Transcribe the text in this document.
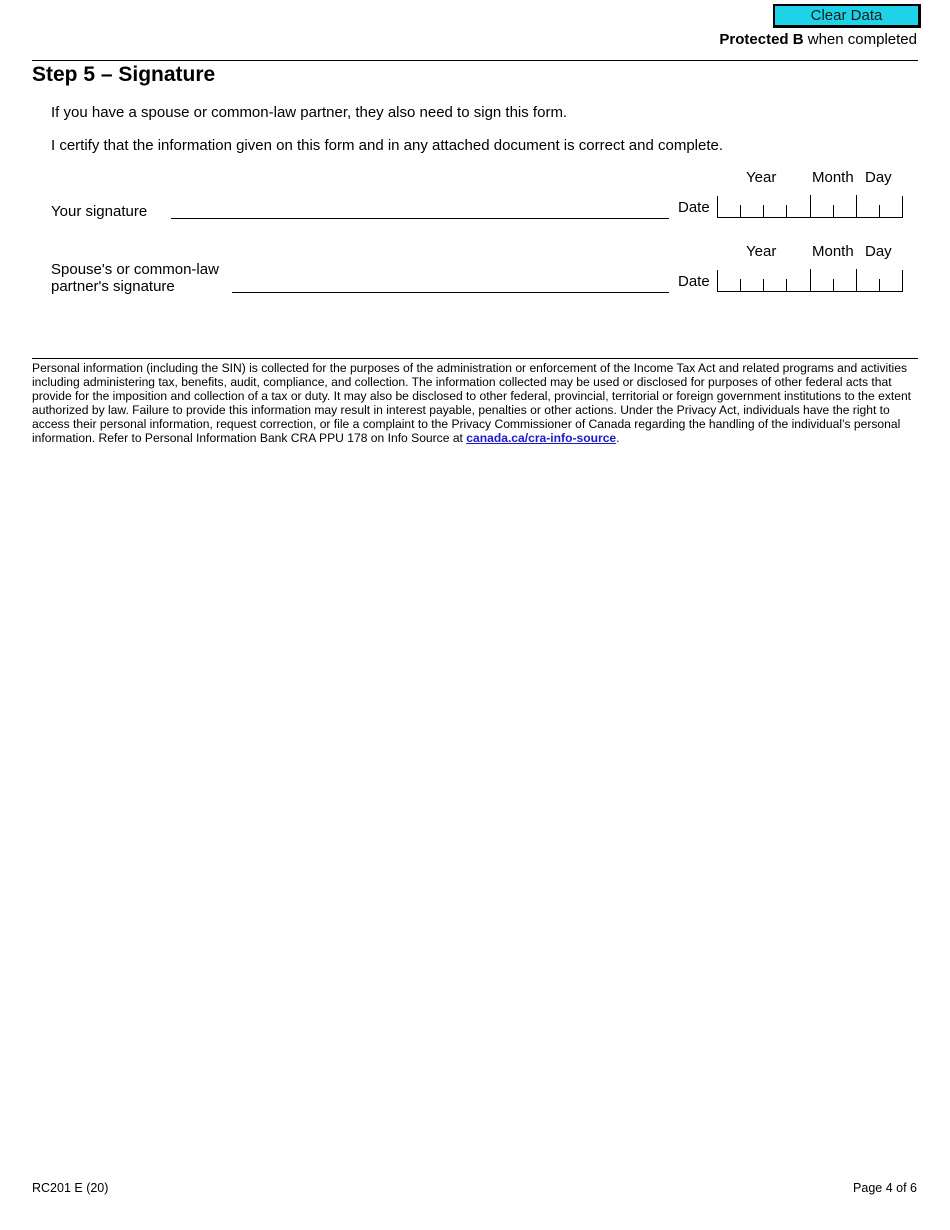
Clear Data
Protected B when completed
Step 5 – Signature
If you have a spouse or common-law partner, they also need to sign this form.
I certify that the information given on this form and in any attached document is correct and complete.
Year Month Day
Your signature	Date
Year Month Day
Spouse's or common-law
partner's signature	Date
Personal information (including the SIN) is collected for the purposes of the administration or enforcement of the Income Tax Act and related programs and activities including administering tax, benefits, audit, compliance, and collection. The information collected may be used or disclosed for purposes of other federal acts that provide for the imposition and collection of a tax or duty. It may also be disclosed to other federal, provincial, territorial or foreign government institutions to the extent authorized by law. Failure to provide this information may result in interest payable, penalties or other actions. Under the Privacy Act, individuals have the right to access their personal information, request correction, or file a complaint to the Privacy Commissioner of Canada regarding the handling of the individual’s personal information. Refer to Personal Information Bank CRA PPU 178 on Info Source at canada.ca/cra-info-source.
RC201 E (20)	Page 4 of 6
